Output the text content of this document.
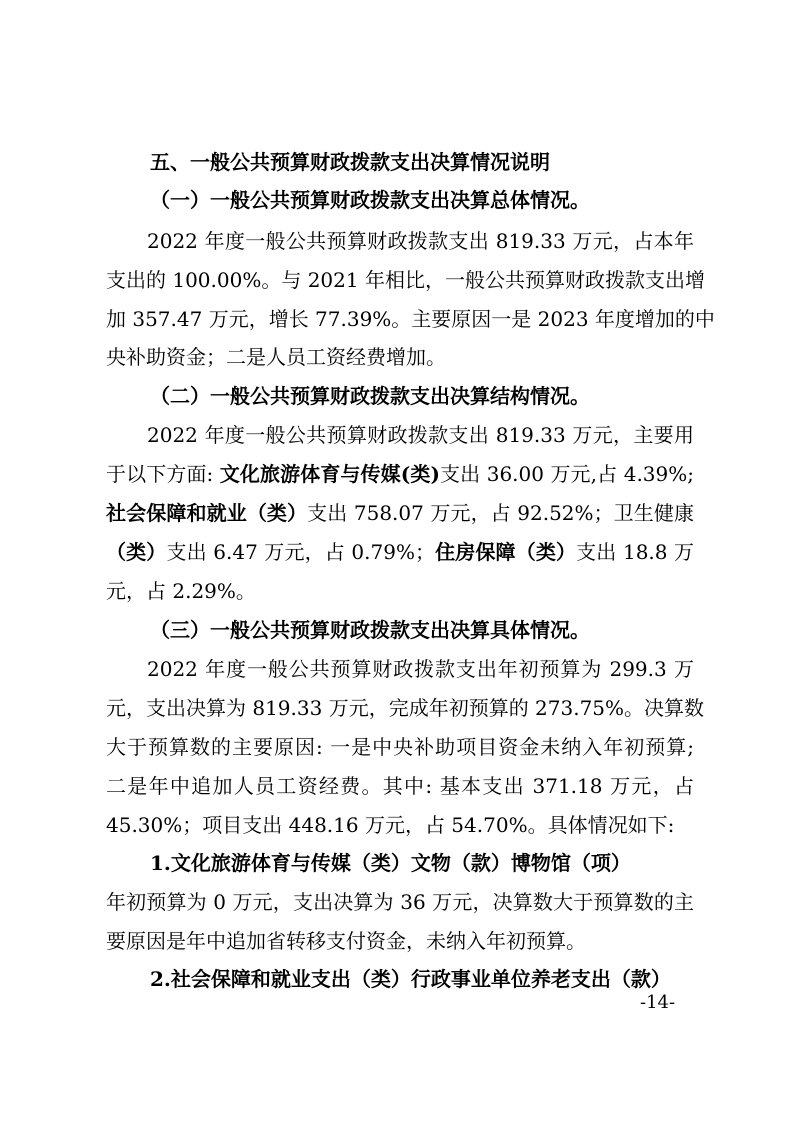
五、一般公共预算财政拨款支出决算情况说明
（一）一般公共预算财政拨款支出决算总体情况。
2022 年度一般公共预算财政拨款支出 819.33 万元，占本年
支出的 100.00%。与 2021 年相比，一般公共预算财政拨款支出增
加 357.47 万元，增长 77.39%。主要原因一是 2023 年度增加的中
央补助资金；二是人员工资经费增加。
（二）一般公共预算财政拨款支出决算结构情况。
2022 年度一般公共预算财政拨款支出 819.33 万元，主要用
于以下方面: 文化旅游体育与传媒(类)支出 36.00 万元,占 4.39%;
社会保障和就业（类）支出 758.07 万元，占 92.52%；卫生健康
（类）支出 6.47 万元，占 0.79%；住房保障（类）支出 18.8 万
元，占 2.29%。
（三）一般公共预算财政拨款支出决算具体情况。
2022 年度一般公共预算财政拨款支出年初预算为 299.3 万
元，支出决算为 819.33 万元，完成年初预算的 273.75%。决算数
大于预算数的主要原因: 一是中央补助项目资金未纳入年初预算;
二是年中追加人员工资经费。其中: 基本支出 371.18 万元，占
45.30%；项目支出 448.16 万元，占 54.70%。具体情况如下:
1.文化旅游体育与传媒（类）文物（款）博物馆（项）
年初预算为 0 万元，支出决算为 36 万元，决算数大于预算数的主
要原因是年中追加省转移支付资金，未纳入年初预算。
2.社会保障和就业支出（类）行政事业单位养老支出（款）
-14-
